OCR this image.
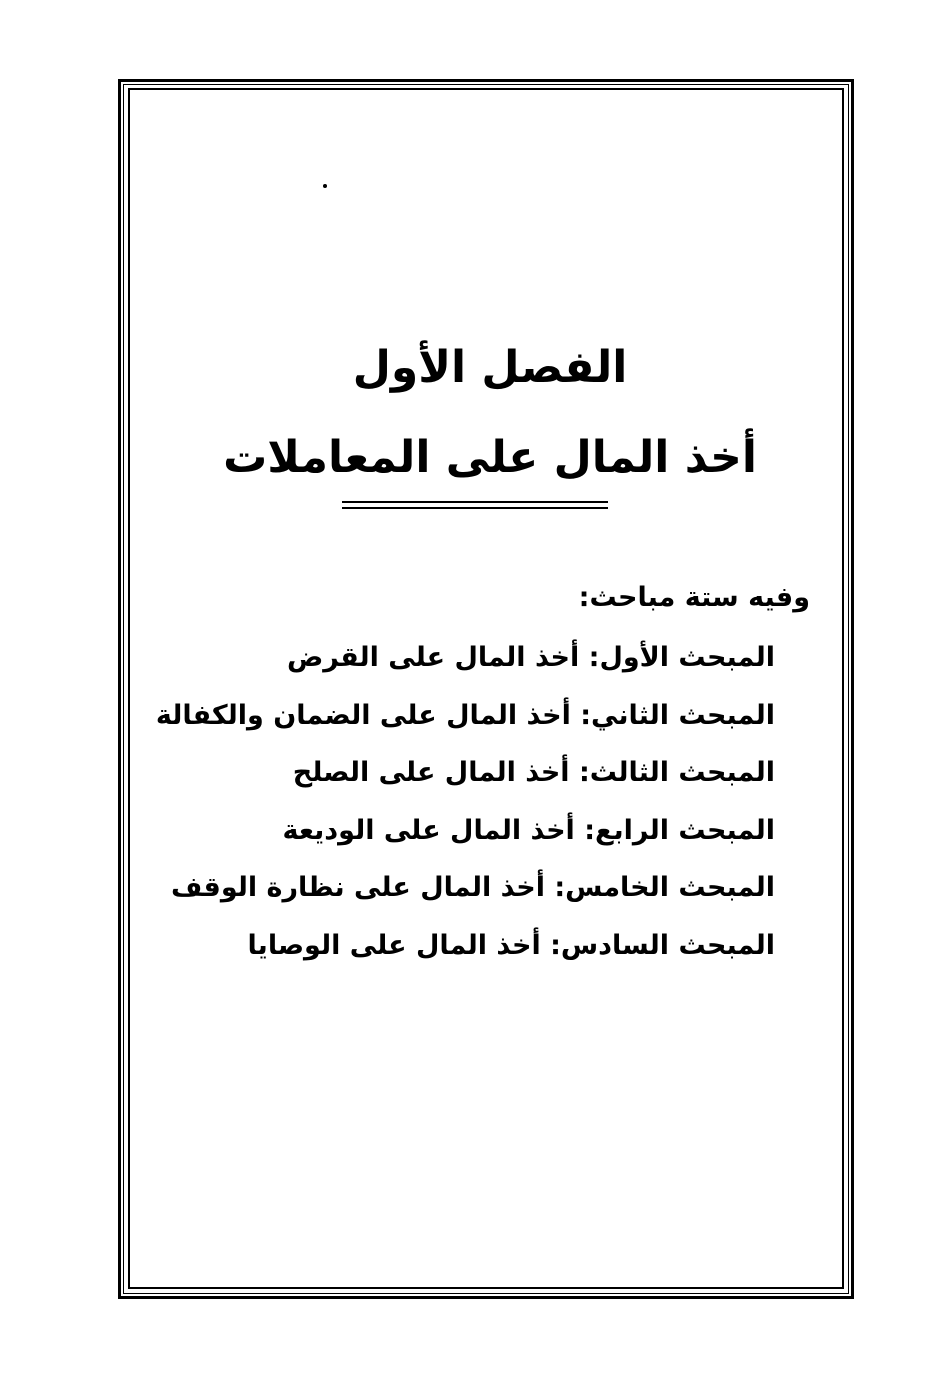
الفصل الأول
أخذ المال على المعاملات
وفيه ستة مباحث:
المبحث الأول: أخذ المال على القرض
المبحث الثاني: أخذ المال على الضمان والكفالة
المبحث الثالث: أخذ المال على الصلح
المبحث الرابع: أخذ المال على الوديعة
المبحث الخامس: أخذ المال على نظارة الوقف
المبحث السادس: أخذ المال على الوصايا
